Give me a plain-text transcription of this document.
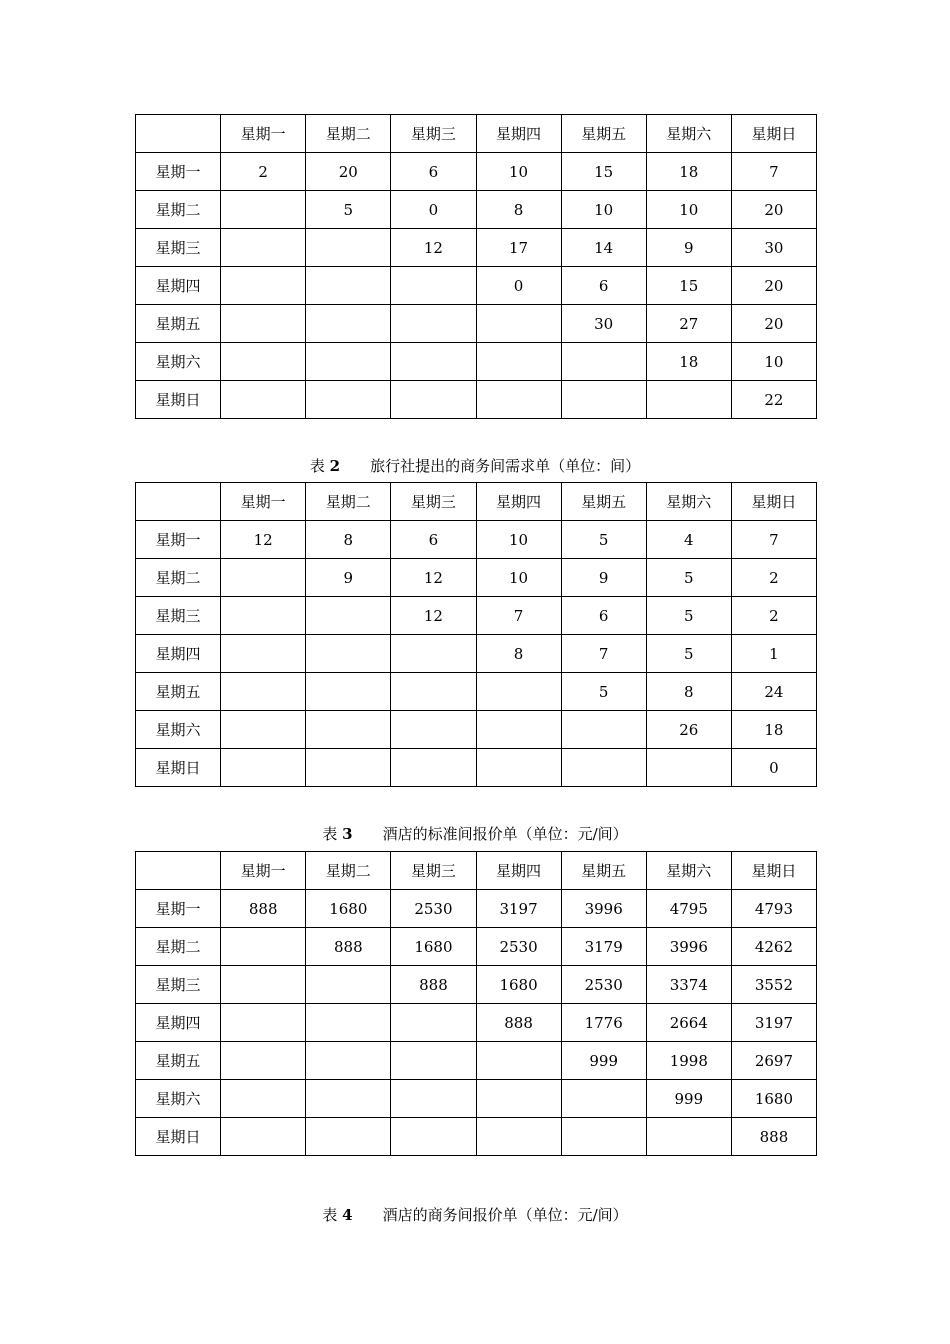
	星期一	星期二	星期三	星期四	星期五	星期六	星期日
星期一	2	20	6	10	15	18	7
星期二		5	0	8	10	10	20
星期三			12	17	14	9	30
星期四				0	6	15	20
星期五					30	27	20
星期六						18	10
星期日							22
表 2 旅行社提出的商务间需求单（单位：间）
	星期一	星期二	星期三	星期四	星期五	星期六	星期日
星期一	12	8	6	10	5	4	7
星期二		9	12	10	9	5	2
星期三			12	7	6	5	2
星期四				8	7	5	1
星期五					5	8	24
星期六						26	18
星期日							0
表 3 酒店的标准间报价单（单位：元/间）
	星期一	星期二	星期三	星期四	星期五	星期六	星期日
星期一	888	1680	2530	3197	3996	4795	4793
星期二		888	1680	2530	3179	3996	4262
星期三			888	1680	2530	3374	3552
星期四				888	1776	2664	3197
星期五					999	1998	2697
星期六						999	1680
星期日							888
表 4 酒店的商务间报价单（单位：元/间）
